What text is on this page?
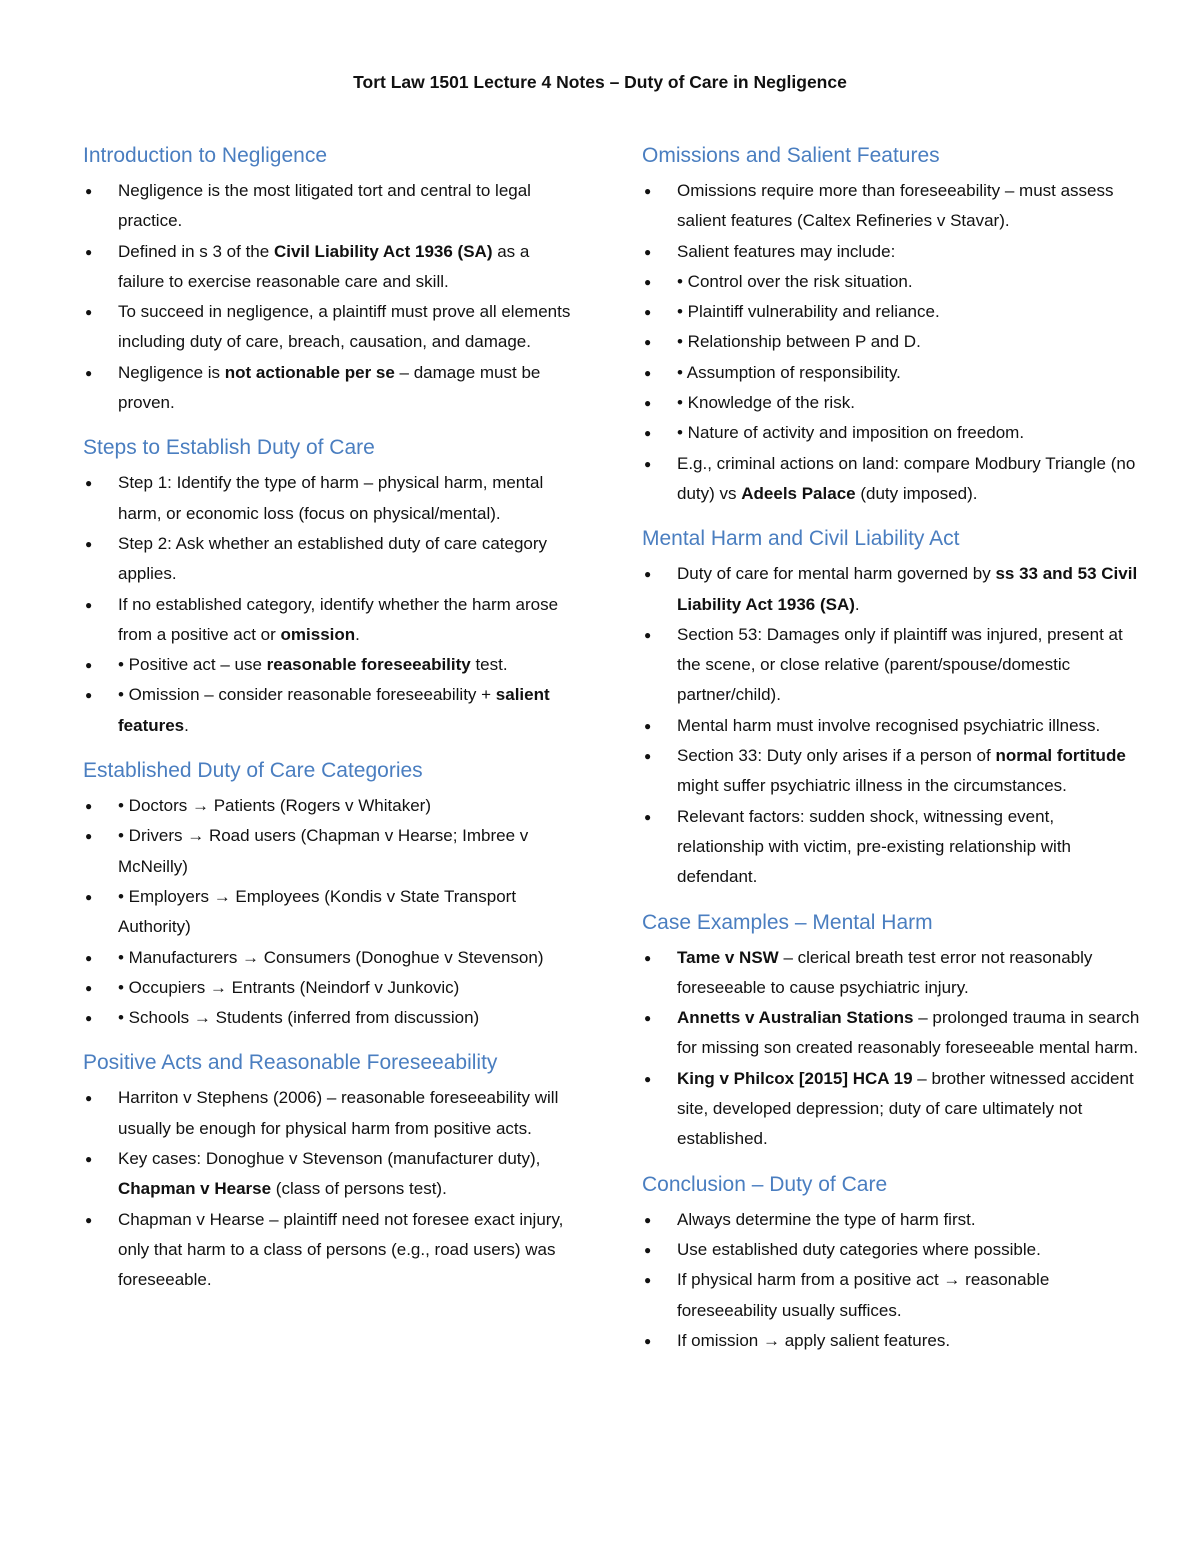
Tort Law 1501 Lecture 4 Notes – Duty of Care in Negligence
Introduction to Negligence
● Negligence is the most litigated tort and central to legal practice.
● Defined in s 3 of the Civil Liability Act 1936 (SA) as a failure to exercise reasonable care and skill.
● To succeed in negligence, a plaintiff must prove all elements including duty of care, breach, causation, and damage.
● Negligence is not actionable per se – damage must be proven.
Steps to Establish Duty of Care
● Step 1: Identify the type of harm – physical harm, mental harm, or economic loss (focus on physical/mental).
● Step 2: Ask whether an established duty of care category applies.
● If no established category, identify whether the harm arose from a positive act or omission.
● • Positive act – use reasonable foreseeability test.
● • Omission – consider reasonable foreseeability + salient features.
Established Duty of Care Categories
● • Doctors → Patients (Rogers v Whitaker)
● • Drivers → Road users (Chapman v Hearse; Imbree v McNeilly)
● • Employers → Employees (Kondis v State Transport Authority)
● • Manufacturers → Consumers (Donoghue v Stevenson)
● • Occupiers → Entrants (Neindorf v Junkovic)
● • Schools → Students (inferred from discussion)
Positive Acts and Reasonable Foreseeability
● Harriton v Stephens (2006) – reasonable foreseeability will usually be enough for physical harm from positive acts.
● Key cases: Donoghue v Stevenson (manufacturer duty), Chapman v Hearse (class of persons test).
● Chapman v Hearse – plaintiff need not foresee exact injury, only that harm to a class of persons (e.g., road users) was foreseeable.
Omissions and Salient Features
● Omissions require more than foreseeability – must assess salient features (Caltex Refineries v Stavar).
● Salient features may include:
● • Control over the risk situation.
● • Plaintiff vulnerability and reliance.
● • Relationship between P and D.
● • Assumption of responsibility.
● • Knowledge of the risk.
● • Nature of activity and imposition on freedom.
● E.g., criminal actions on land: compare Modbury Triangle (no duty) vs Adeels Palace (duty imposed).
Mental Harm and Civil Liability Act
● Duty of care for mental harm governed by ss 33 and 53 Civil Liability Act 1936 (SA).
● Section 53: Damages only if plaintiff was injured, present at the scene, or close relative (parent/spouse/domestic partner/child).
● Mental harm must involve recognised psychiatric illness.
● Section 33: Duty only arises if a person of normal fortitude might suffer psychiatric illness in the circumstances.
● Relevant factors: sudden shock, witnessing event, relationship with victim, pre-existing relationship with defendant.
Case Examples – Mental Harm
● Tame v NSW – clerical breath test error not reasonably foreseeable to cause psychiatric injury.
● Annetts v Australian Stations – prolonged trauma in search for missing son created reasonably foreseeable mental harm.
● King v Philcox [2015] HCA 19 – brother witnessed accident site, developed depression; duty of care ultimately not established.
Conclusion – Duty of Care
● Always determine the type of harm first.
● Use established duty categories where possible.
● If physical harm from a positive act → reasonable foreseeability usually suffices.
● If omission → apply salient features.
